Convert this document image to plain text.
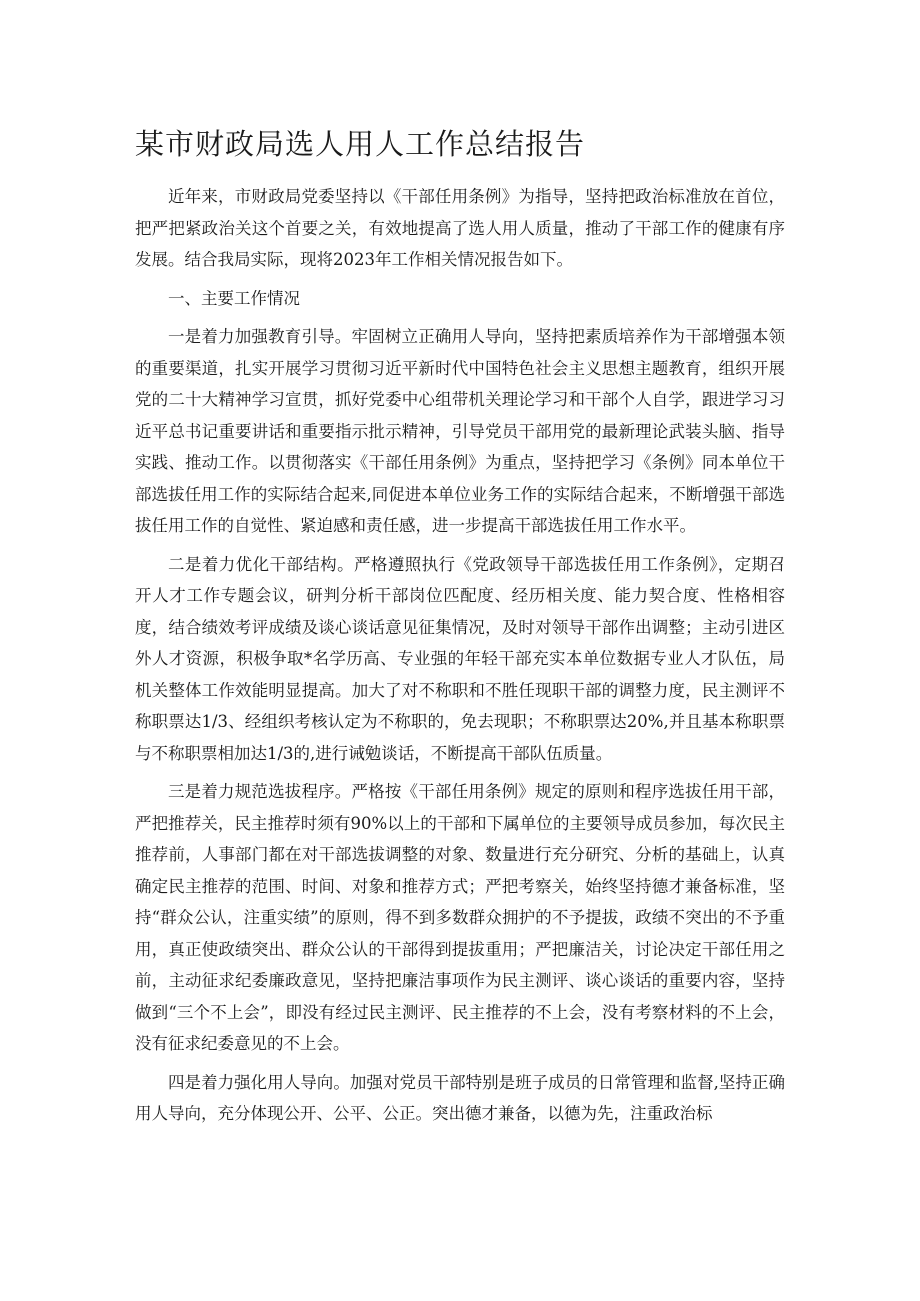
某市财政局选人用人工作总结报告

近年来，市财政局党委坚持以《干部任用条例》为指导，坚持把政治标准放在首位，把严把紧政治关这个首要之关，有效地提高了选人用人质量，推动了干部工作的健康有序发展。结合我局实际，现将2023年工作相关情况报告如下。

一、主要工作情况

一是着力加强教育引导。牢固树立正确用人导向，坚持把素质培养作为干部增强本领的重要渠道，扎实开展学习贯彻习近平新时代中国特色社会主义思想主题教育，组织开展党的二十大精神学习宣贯，抓好党委中心组带机关理论学习和干部个人自学，跟进学习习近平总书记重要讲话和重要指示批示精神，引导党员干部用党的最新理论武装头脑、指导实践、推动工作。以贯彻落实《干部任用条例》为重点，坚持把学习《条例》同本单位干部选拔任用工作的实际结合起来,同促进本单位业务工作的实际结合起来，不断增强干部选拔任用工作的自觉性、紧迫感和责任感，进一步提高干部选拔任用工作水平。

二是着力优化干部结构。严格遵照执行《党政领导干部选拔任用工作条例》，定期召开人才工作专题会议，研判分析干部岗位匹配度、经历相关度、能力契合度、性格相容度，结合绩效考评成绩及谈心谈话意见征集情况，及时对领导干部作出调整；主动引进区外人才资源，积极争取*名学历高、专业强的年轻干部充实本单位数据专业人才队伍，局机关整体工作效能明显提高。加大了对不称职和不胜任现职干部的调整力度，民主测评不称职票达1/3、经组织考核认定为不称职的，免去现职；不称职票达20%,并且基本称职票与不称职票相加达1/3的,进行诫勉谈话，不断提高干部队伍质量。

三是着力规范选拔程序。严格按《干部任用条例》规定的原则和程序选拔任用干部，严把推荐关，民主推荐时须有90%以上的干部和下属单位的主要领导成员参加，每次民主推荐前，人事部门都在对干部选拔调整的对象、数量进行充分研究、分析的基础上，认真确定民主推荐的范围、时间、对象和推荐方式；严把考察关，始终坚持德才兼备标准，坚持“群众公认，注重实绩”的原则，得不到多数群众拥护的不予提拔，政绩不突出的不予重用，真正使政绩突出、群众公认的干部得到提拔重用；严把廉洁关，讨论决定干部任用之前，主动征求纪委廉政意见，坚持把廉洁事项作为民主测评、谈心谈话的重要内容，坚持做到“三个不上会”，即没有经过民主测评、民主推荐的不上会，没有考察材料的不上会，没有征求纪委意见的不上会。

四是着力强化用人导向。加强对党员干部特别是班子成员的日常管理和监督,坚持正确用人导向，充分体现公开、公平、公正。突出德才兼备，以德为先，注重政治标
